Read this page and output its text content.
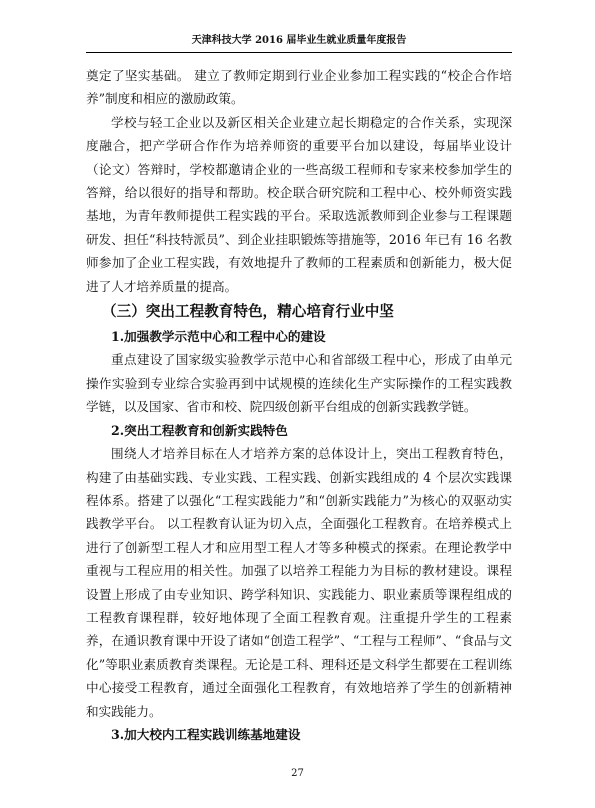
天津科技大学 2016 届毕业生就业质量年度报告

奠定了坚实基础。 建立了教师定期到行业企业参加工程实践的“校企合作培养”制度和相应的激励政策。

学校与轻工企业以及新区相关企业建立起长期稳定的合作关系，实现深度融合，把产学研合作作为培养师资的重要平台加以建设，每届毕业设计（论文）答辩时，学校都邀请企业的一些高级工程师和专家来校参加学生的答辩，给以很好的指导和帮助。校企联合研究院和工程中心、校外师资实践基地，为青年教师提供工程实践的平台。采取选派教师到企业参与工程课题研发、担任“科技特派员”、到企业挂职锻炼等措施等，2016 年已有 16 名教师参加了企业工程实践，有效地提升了教师的工程素质和创新能力，极大促进了人才培养质量的提高。

（三）突出工程教育特色，精心培育行业中坚
1.加强教学示范中心和工程中心的建设

重点建设了国家级实验教学示范中心和省部级工程中心，形成了由单元操作实验到专业综合实验再到中试规模的连续化生产实际操作的工程实践教学链，以及国家、省市和校、院四级创新平台组成的创新实践教学链。

2.突出工程教育和创新实践特色

围绕人才培养目标在人才培养方案的总体设计上，突出工程教育特色，构建了由基础实践、专业实践、工程实践、创新实践组成的 4 个层次实践课程体系。搭建了以强化“工程实践能力”和“创新实践能力”为核心的双驱动实践教学平台。 以工程教育认证为切入点，全面强化工程教育。在培养模式上进行了创新型工程人才和应用型工程人才等多种模式的探索。在理论教学中重视与工程应用的相关性。加强了以培养工程能力为目标的教材建设。课程设置上形成了由专业知识、跨学科知识、实践能力、职业素质等课程组成的工程教育课程群，较好地体现了全面工程教育观。注重提升学生的工程素养，在通识教育课中开设了诸如“创造工程学”、“工程与工程师”、“食品与文化”等职业素质教育类课程。无论是工科、理科还是文科学生都要在工程训练中心接受工程教育，通过全面强化工程教育，有效地培养了学生的创新精神和实践能力。

3.加大校内工程实践训练基地建设
27
